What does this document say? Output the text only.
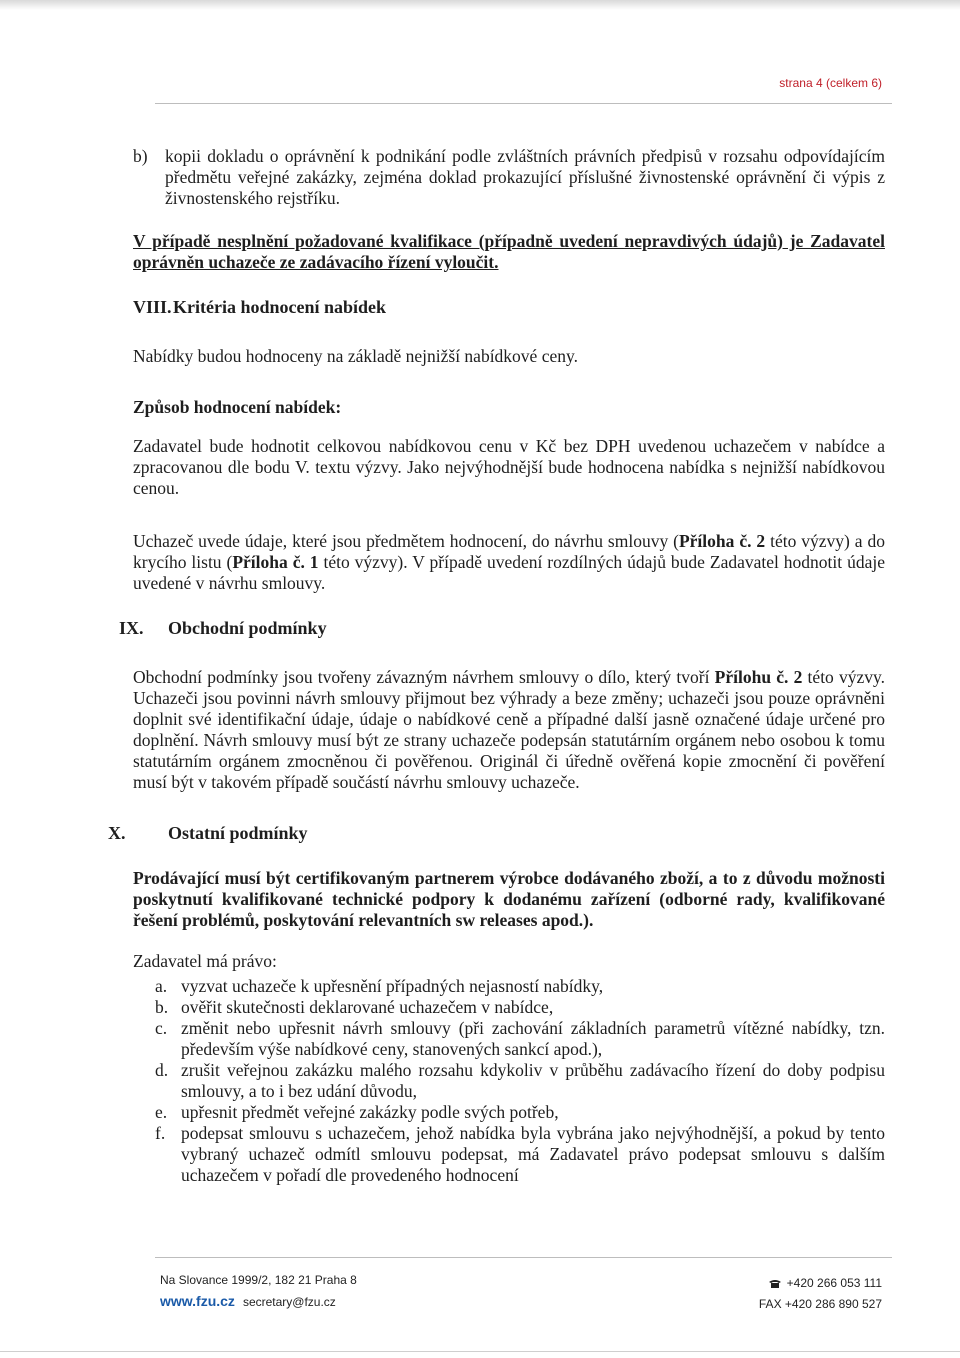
strana 4 (celkem 6)
b) kopii dokladu o oprávnění k podnikání podle zvláštních právních předpisů v rozsahu odpovídajícím předmětu veřejné zakázky, zejména doklad prokazující příslušné živnostenské oprávnění či výpis z živnostenského rejstříku.

V případě nesplnění požadované kvalifikace (případně uvedení nepravdivých údajů) je Zadavatel oprávněn uchazeče ze zadávacího řízení vyloučit.

VIII. Kritéria hodnocení nabídek

Nabídky budou hodnoceny na základě nejnižší nabídkové ceny.

Způsob hodnocení nabídek:

Zadavatel bude hodnotit celkovou nabídkovou cenu v Kč bez DPH uvedenou uchazečem v nabídce a zpracovanou dle bodu V. textu výzvy. Jako nejvýhodnější bude hodnocena nabídka s nejnižší nabídkovou cenou.

Uchazeč uvede údaje, které jsou předmětem hodnocení, do návrhu smlouvy (Příloha č. 2 této výzvy) a do krycího listu (Příloha č. 1 této výzvy). V případě uvedení rozdílných údajů bude Zadavatel hodnotit údaje uvedené v návrhu smlouvy.

IX.	Obchodní podmínky

Obchodní podmínky jsou tvořeny závazným návrhem smlouvy o dílo, který tvoří Přílohu č. 2 této výzvy. Uchazeči jsou povinni návrh smlouvy přijmout bez výhrady a beze změny; uchazeči jsou pouze oprávněni doplnit své identifikační údaje, údaje o nabídkové ceně a případné další jasně označené údaje určené pro doplnění. Návrh smlouvy musí být ze strany uchazeče podepsán statutárním orgánem nebo osobou k tomu statutárním orgánem zmocněnou či pověřenou. Originál či úředně ověřená kopie zmocnění či pověření musí být v takovém případě součástí návrhu smlouvy uchazeče.

X.	Ostatní podmínky

Prodávající musí být certifikovaným partnerem výrobce dodávaného zboží, a to z důvodu možnosti poskytnutí kvalifikované technické podpory k dodanému zařízení (odborné rady, kvalifikované řešení problémů, poskytování relevantních sw releases apod.).

Zadavatel má právo:

a. vyzvat uchazeče k upřesnění případných nejasností nabídky,
b. ověřit skutečnosti deklarované uchazečem v nabídce,
c. změnit nebo upřesnit návrh smlouvy (při zachování základních parametrů vítězné nabídky, tzn. především výše nabídkové ceny, stanovených sankcí apod.),
d. zrušit veřejnou zakázku malého rozsahu kdykoliv v průběhu zadávacího řízení do doby podpisu smlouvy, a to i bez udání důvodu,
e. upřesnit předmět veřejné zakázky podle svých potřeb,
f. podepsat smlouvu s uchazečem, jehož nabídka byla vybrána jako nejvýhodnější, a pokud by tento vybraný uchazeč odmítl smlouvu podepsat, má Zadavatel právo podepsat smlouvu s dalším uchazečem v pořadí dle provedeného hodnocení
Na Slovance 1999/2, 182 21 Praha 8
www.fzu.cz secretary@fzu.cz
+420 266 053 111
FAX +420 286 890 527
